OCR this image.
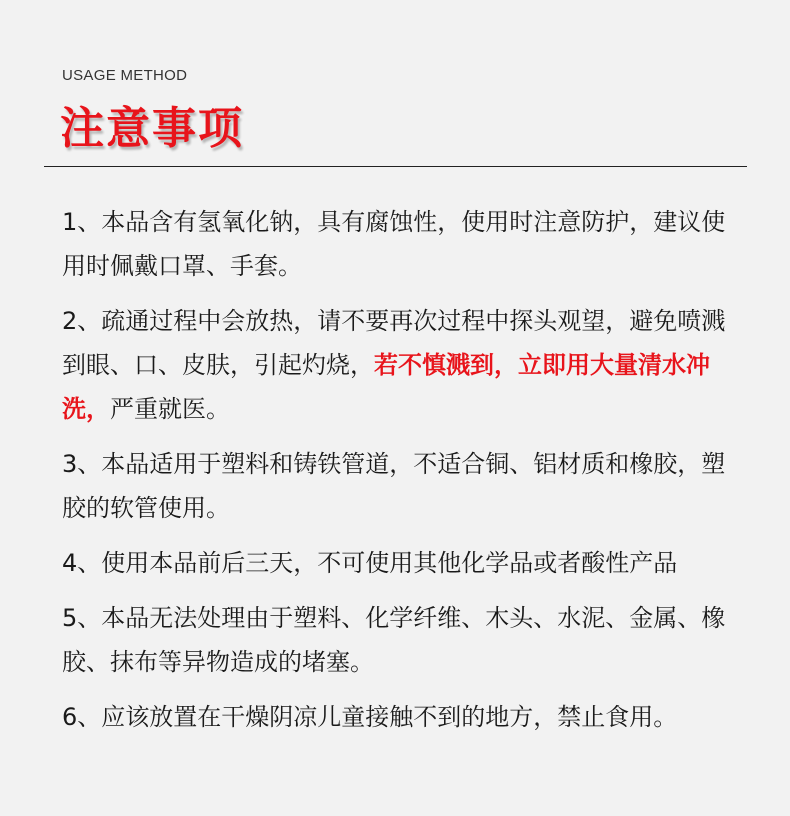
USAGE METHOD
注意事项
1、本品含有氢氧化钠，具有腐蚀性，使用时注意防护，建议使用时佩戴口罩、手套。
2、疏通过程中会放热，请不要再次过程中探头观望，避免喷溅到眼、口、皮肤，引起灼烧，若不慎溅到，立即用大量清水冲洗，严重就医。
3、本品适用于塑料和铸铁管道，不适合铜、铝材质和橡胶，塑胶的软管使用。
4、使用本品前后三天，不可使用其他化学品或者酸性产品
5、本品无法处理由于塑料、化学纤维、木头、水泥、金属、橡胶、抹布等异物造成的堵塞。
6、应该放置在干燥阴凉儿童接触不到的地方，禁止食用。
